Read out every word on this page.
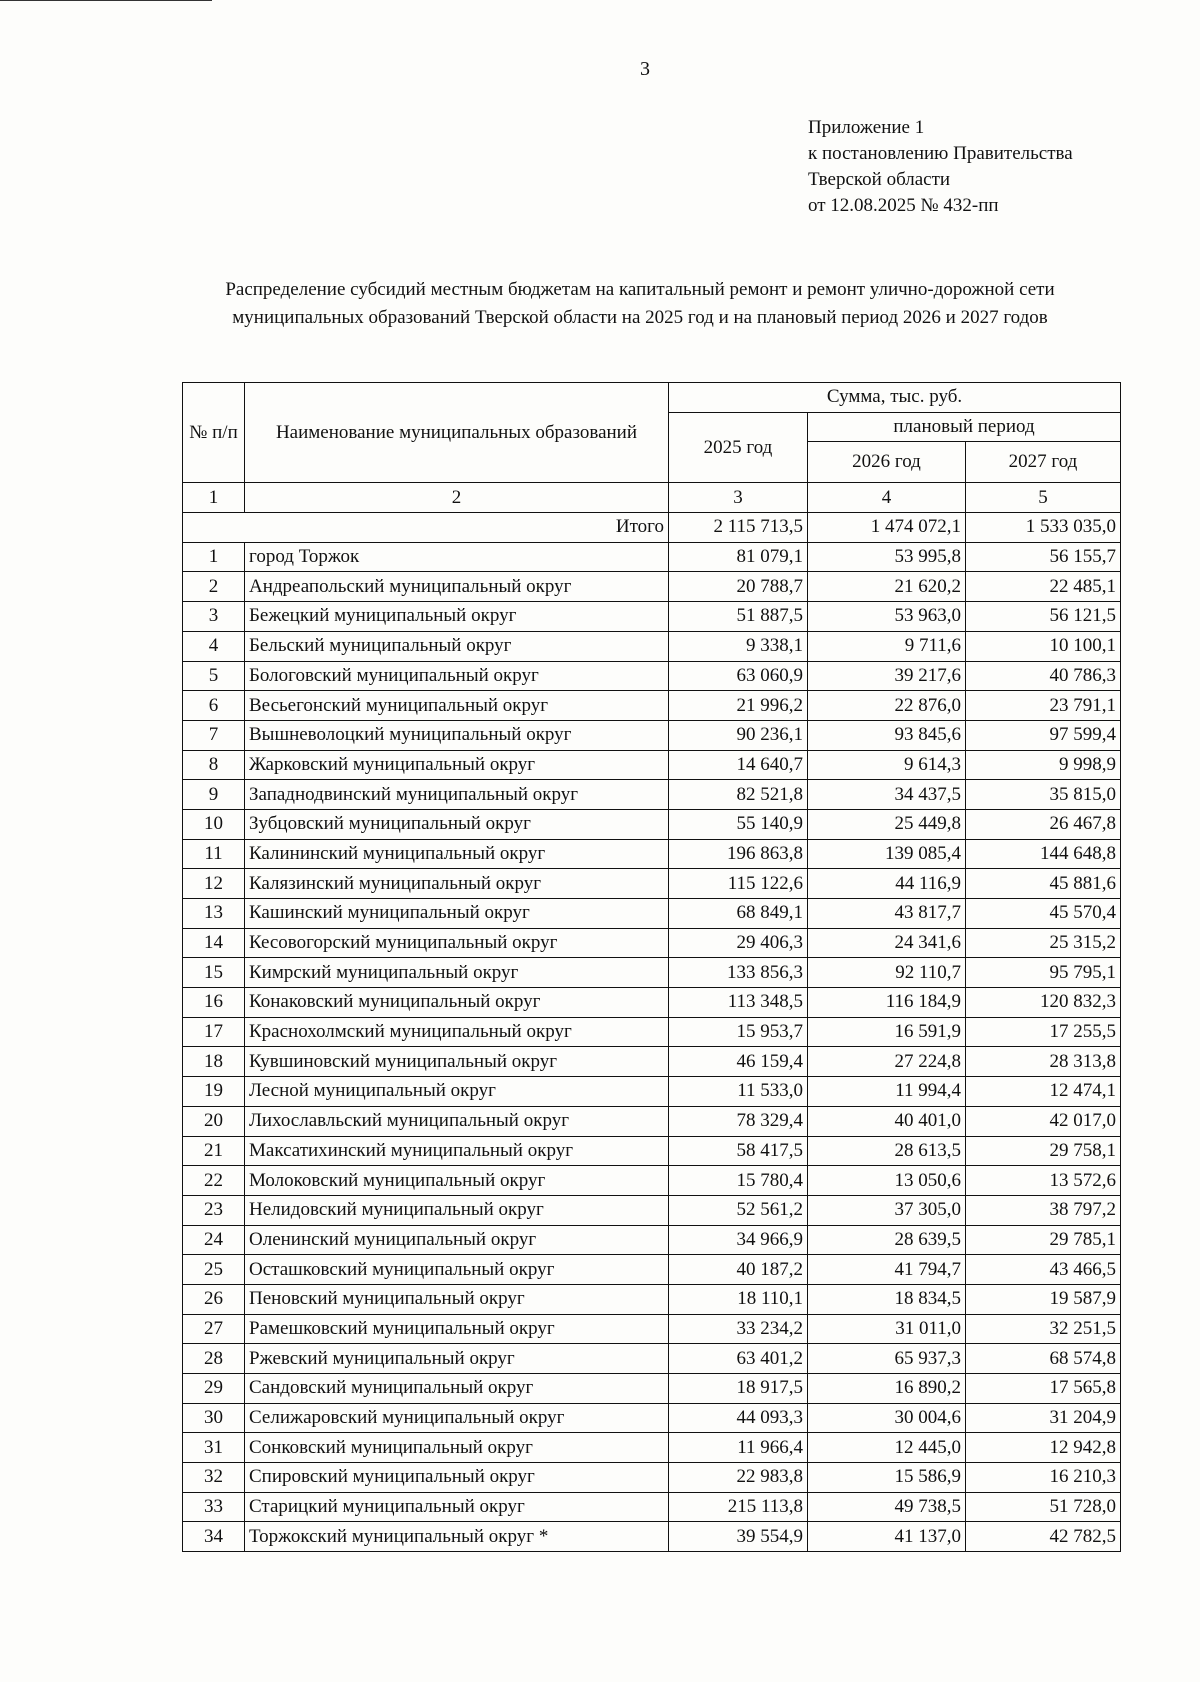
3
Приложение 1
к постановлению Правительства
Тверской области
от 12.08.2025 № 432-пп
Распределение субсидий местным бюджетам на капитальный ремонт и ремонт улично-дорожной сети
муниципальных образований Тверской области на 2025 год и на плановый период 2026 и 2027 годов
№ п/п	Наименование муниципальных образований	Сумма, тыс. руб.		
		2025 год	плановый период	
			2026 год	2027 год
1	2	3	4	5
Итого		2 115 713,5	1 474 072,1	1 533 035,0
1	город Торжок	81 079,1	53 995,8	56 155,7
2	Андреапольский муниципальный округ	20 788,7	21 620,2	22 485,1
3	Бежецкий муниципальный округ	51 887,5	53 963,0	56 121,5
4	Бельский муниципальный округ	9 338,1	9 711,6	10 100,1
5	Бологовский муниципальный округ	63 060,9	39 217,6	40 786,3
6	Весьегонский муниципальный округ	21 996,2	22 876,0	23 791,1
7	Вышневолоцкий муниципальный округ	90 236,1	93 845,6	97 599,4
8	Жарковский муниципальный округ	14 640,7	9 614,3	9 998,9
9	Западнодвинский муниципальный округ	82 521,8	34 437,5	35 815,0
10	Зубцовский муниципальный округ	55 140,9	25 449,8	26 467,8
11	Калининский муниципальный округ	196 863,8	139 085,4	144 648,8
12	Калязинский муниципальный округ	115 122,6	44 116,9	45 881,6
13	Кашинский муниципальный округ	68 849,1	43 817,7	45 570,4
14	Кесовогорский муниципальный округ	29 406,3	24 341,6	25 315,2
15	Кимрский муниципальный округ	133 856,3	92 110,7	95 795,1
16	Конаковский муниципальный округ	113 348,5	116 184,9	120 832,3
17	Краснохолмский муниципальный округ	15 953,7	16 591,9	17 255,5
18	Кувшиновский муниципальный округ	46 159,4	27 224,8	28 313,8
19	Лесной муниципальный округ	11 533,0	11 994,4	12 474,1
20	Лихославльский муниципальный округ	78 329,4	40 401,0	42 017,0
21	Максатихинский муниципальный округ	58 417,5	28 613,5	29 758,1
22	Молоковский муниципальный округ	15 780,4	13 050,6	13 572,6
23	Нелидовский муниципальный округ	52 561,2	37 305,0	38 797,2
24	Оленинский муниципальный округ	34 966,9	28 639,5	29 785,1
25	Осташковский муниципальный округ	40 187,2	41 794,7	43 466,5
26	Пеновский муниципальный округ	18 110,1	18 834,5	19 587,9
27	Рамешковский муниципальный округ	33 234,2	31 011,0	32 251,5
28	Ржевский муниципальный округ	63 401,2	65 937,3	68 574,8
29	Сандовский муниципальный округ	18 917,5	16 890,2	17 565,8
30	Селижаровский муниципальный округ	44 093,3	30 004,6	31 204,9
31	Сонковский муниципальный округ	11 966,4	12 445,0	12 942,8
32	Спировский муниципальный округ	22 983,8	15 586,9	16 210,3
33	Старицкий муниципальный округ	215 113,8	49 738,5	51 728,0
34	Торжокский муниципальный округ *	39 554,9	41 137,0	42 782,5
